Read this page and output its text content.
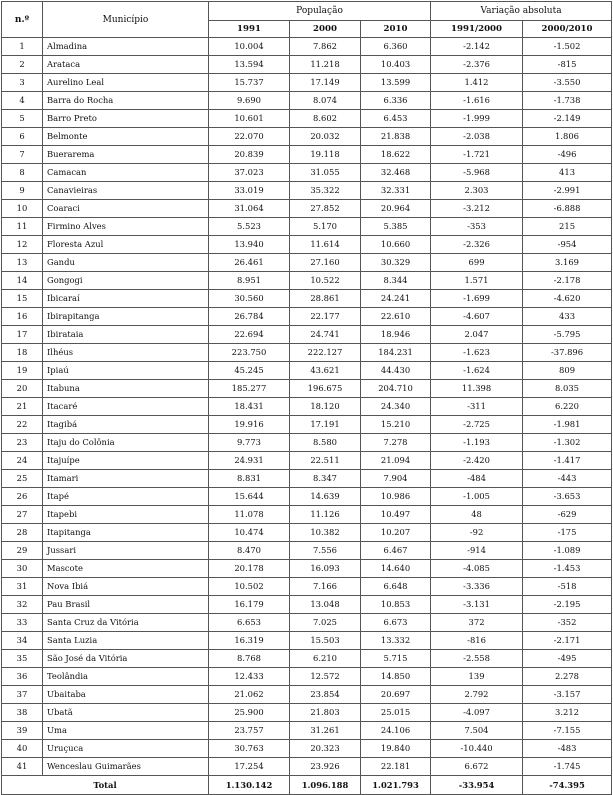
n.º	Município	População			Variação absoluta	
		1991	2000	2010	1991/2000	2000/2010
1	Almadina	10.004	7.862	6.360	-2.142	-1.502
2	Arataca	13.594	11.218	10.403	-2.376	-815
3	Aurelino Leal	15.737	17.149	13.599	1.412	-3.550
4	Barra do Rocha	9.690	8.074	6.336	-1.616	-1.738
5	Barro Preto	10.601	8.602	6.453	-1.999	-2.149
6	Belmonte	22.070	20.032	21.838	-2.038	1.806
7	Buerarema	20.839	19.118	18.622	-1.721	-496
8	Camacan	37.023	31.055	32.468	-5.968	413
9	Canavieiras	33.019	35.322	32.331	2.303	-2.991
10	Coaraci	31.064	27.852	20.964	-3.212	-6.888
11	Firmino Alves	5.523	5.170	5.385	-353	215
12	Floresta Azul	13.940	11.614	10.660	-2.326	-954
13	Gandu	26.461	27.160	30.329	699	3.169
14	Gongogi	8.951	10.522	8.344	1.571	-2.178
15	Ibicaraí	30.560	28.861	24.241	-1.699	-4.620
16	Ibirapitanga	26.784	22.177	22.610	-4.607	433
17	Ibirataia	22.694	24.741	18.946	2.047	-5.795
18	Ilhéus	223.750	222.127	184.231	-1.623	-37.896
19	Ipiaú	45.245	43.621	44.430	-1.624	809
20	Itabuna	185.277	196.675	204.710	11.398	8.035
21	Itacaré	18.431	18.120	24.340	-311	6.220
22	Itagibá	19.916	17.191	15.210	-2.725	-1.981
23	Itaju do Colônia	9.773	8.580	7.278	-1.193	-1.302
24	Itajuípe	24.931	22.511	21.094	-2.420	-1.417
25	Itamari	8.831	8.347	7.904	-484	-443
26	Itapé	15.644	14.639	10.986	-1.005	-3.653
27	Itapebi	11.078	11.126	10.497	48	-629
28	Itapitanga	10.474	10.382	10.207	-92	-175
29	Jussari	8.470	7.556	6.467	-914	-1.089
30	Mascote	20.178	16.093	14.640	-4.085	-1.453
31	Nova Ibiá	10.502	7.166	6.648	-3.336	-518
32	Pau Brasil	16.179	13.048	10.853	-3.131	-2.195
33	Santa Cruz da Vitória	6.653	7.025	6.673	372	-352
34	Santa Luzia	16.319	15.503	13.332	-816	-2.171
35	São José da Vitória	8.768	6.210	5.715	-2.558	-495
36	Teolândia	12.433	12.572	14.850	139	2.278
37	Ubaitaba	21.062	23.854	20.697	2.792	-3.157
38	Ubatã	25.900	21.803	25.015	-4.097	3.212
39	Uma	23.757	31.261	24.106	7.504	-7.155
40	Uruçuca	30.763	20.323	19.840	-10.440	-483
41	Wenceslau Guimarães	17.254	23.926	22.181	6.672	-1.745
Total		1.130.142	1.096.188	1.021.793	-33.954	-74.395
